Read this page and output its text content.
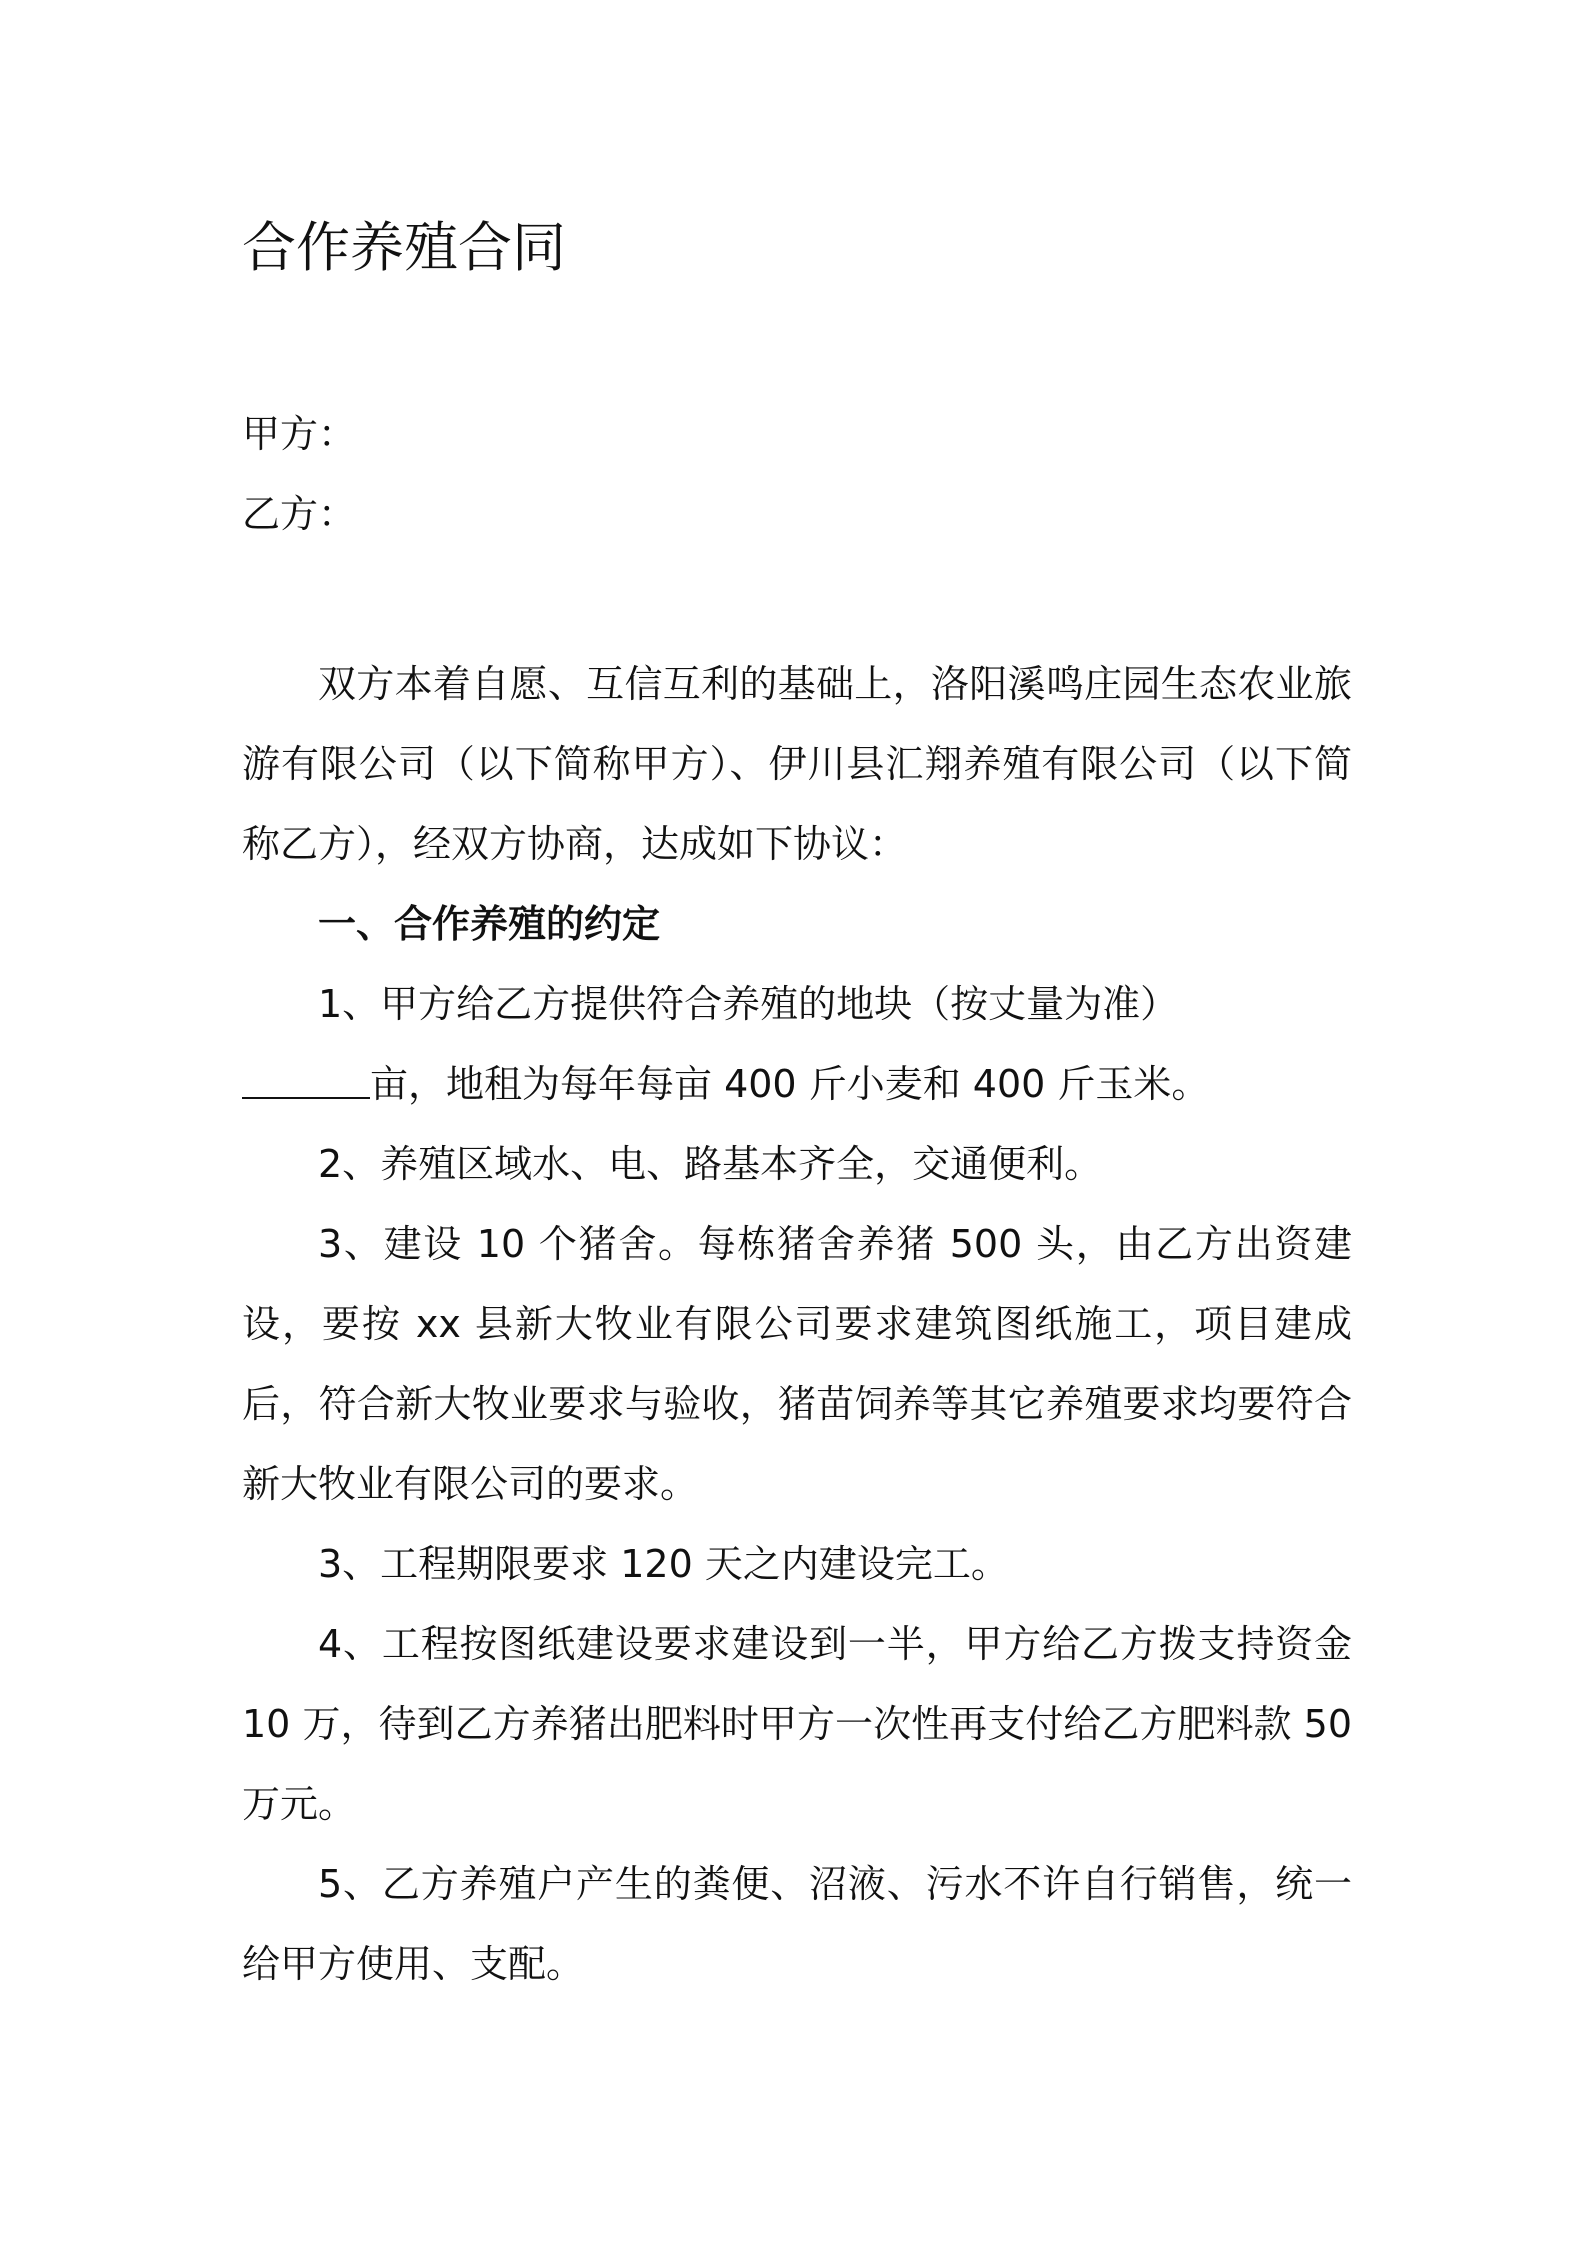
合作养殖合同
甲方：
乙方：

双方本着自愿、互信互利的基础上，洛阳溪鸣庄园生态农业旅游有限公司（以下简称甲方）、伊川县汇翔养殖有限公司（以下简称乙方），经双方协商，达成如下协议：

一、合作养殖的约定

1、甲方给乙方提供符合养殖的地块（按丈量为准）

亩，地租为每年每亩 400 斤小麦和 400 斤玉米。

2、养殖区域水、电、路基本齐全，交通便利。

3、建设 10 个猪舍。每栋猪舍养猪 500 头，由乙方出资建设，要按 xx 县新大牧业有限公司要求建筑图纸施工，项目建成后，符合新大牧业要求与验收，猪苗饲养等其它养殖要求均要符合新大牧业有限公司的要求。

3、工程期限要求 120 天之内建设完工。

4、工程按图纸建设要求建设到一半，甲方给乙方拨支持资金 10 万，待到乙方养猪出肥料时甲方一次性再支付给乙方肥料款 50 万元。

5、乙方养殖户产生的粪便、沼液、污水不许自行销售，统一给甲方使用、支配。
